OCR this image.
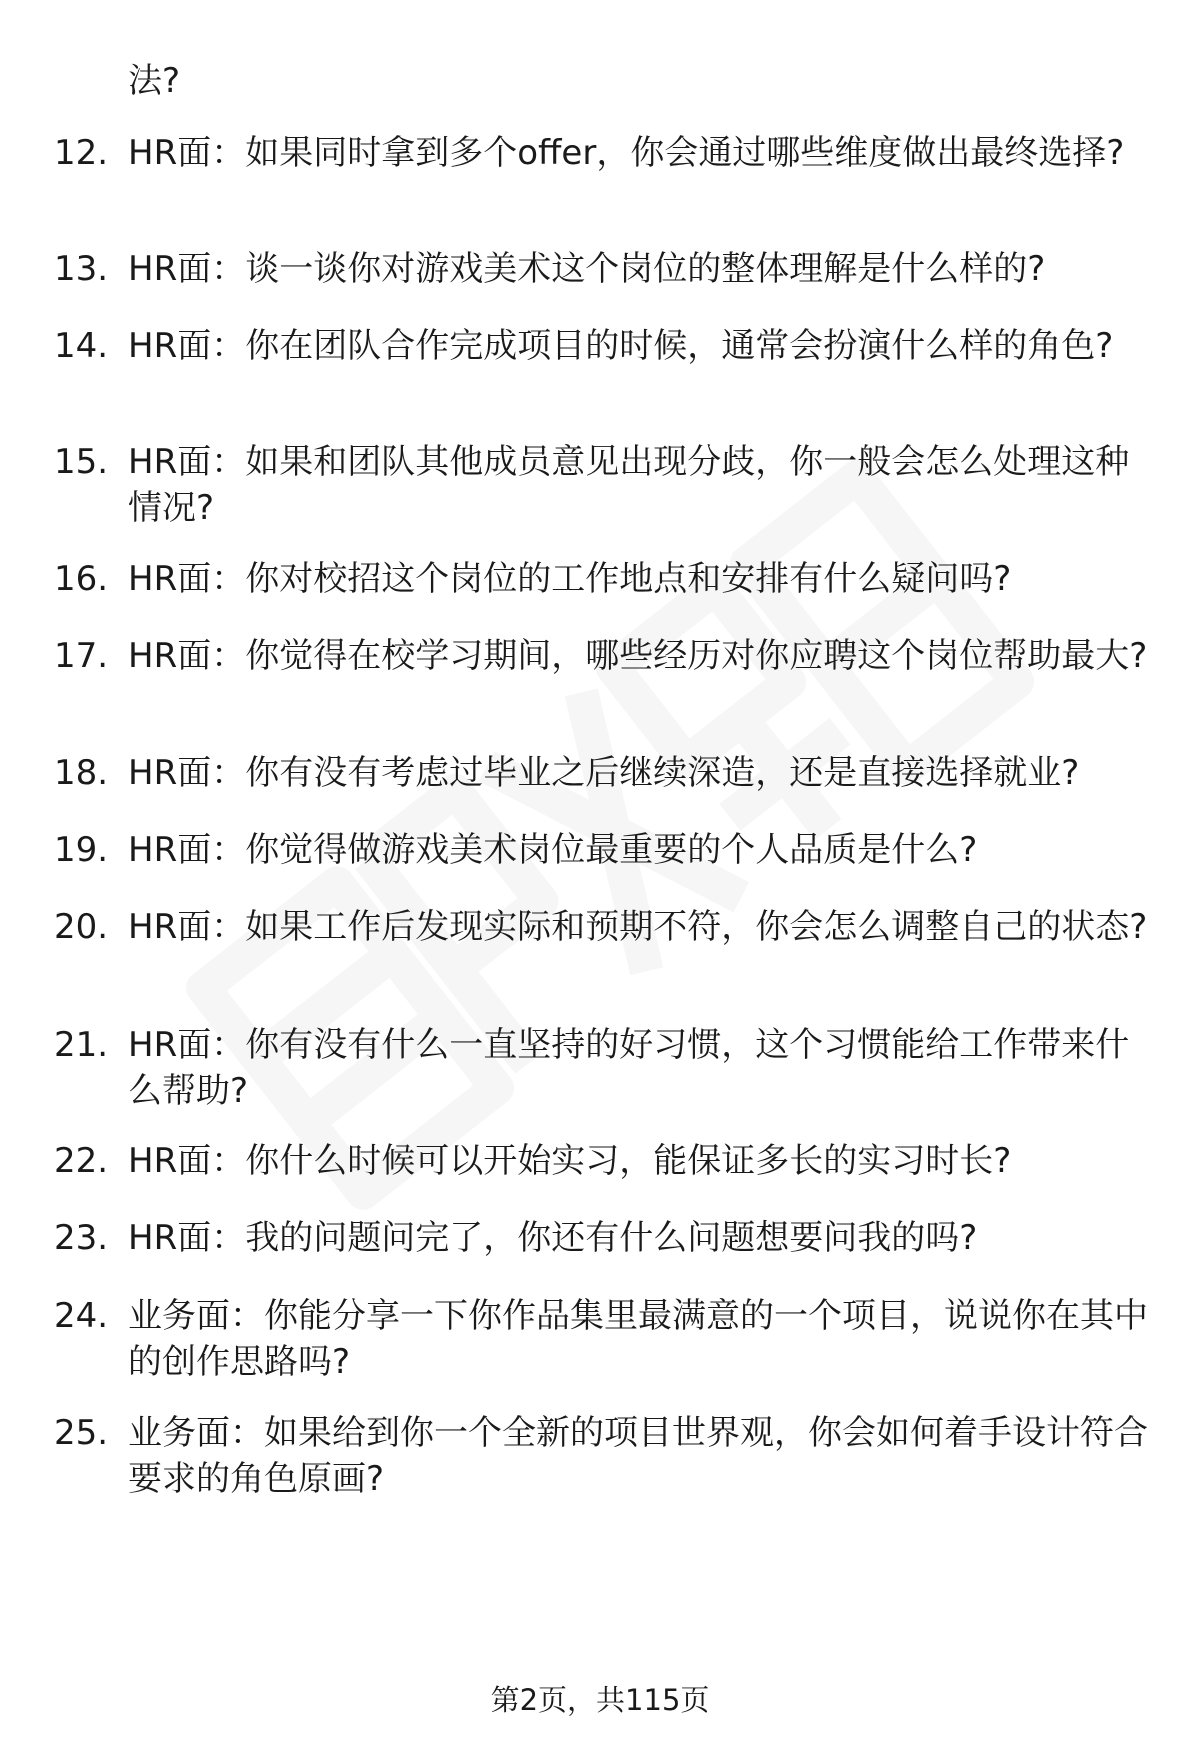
法?
12. HR面：如果同时拿到多个offer，你会通过哪些维度做出最终选择?
13. HR面：谈一谈你对游戏美术这个岗位的整体理解是什么样的?
14. HR面：你在团队合作完成项目的时候，通常会扮演什么样的角色?
15. HR面：如果和团队其他成员意见出现分歧，你一般会怎么处理这种情况?
16. HR面：你对校招这个岗位的工作地点和安排有什么疑问吗?
17. HR面：你觉得在校学习期间，哪些经历对你应聘这个岗位帮助最大?
18. HR面：你有没有考虑过毕业之后继续深造，还是直接选择就业?
19. HR面：你觉得做游戏美术岗位最重要的个人品质是什么?
20. HR面：如果工作后发现实际和预期不符，你会怎么调整自己的状态?
21. HR面：你有没有什么一直坚持的好习惯，这个习惯能给工作带来什么帮助?
22. HR面：你什么时候可以开始实习，能保证多长的实习时长?
23. HR面：我的问题问完了，你还有什么问题想要问我的吗?
24. 业务面：你能分享一下你作品集里最满意的一个项目，说说你在其中的创作思路吗?
25. 业务面：如果给到你一个全新的项目世界观，你会如何着手设计符合要求的角色原画?
第2页，共115页
